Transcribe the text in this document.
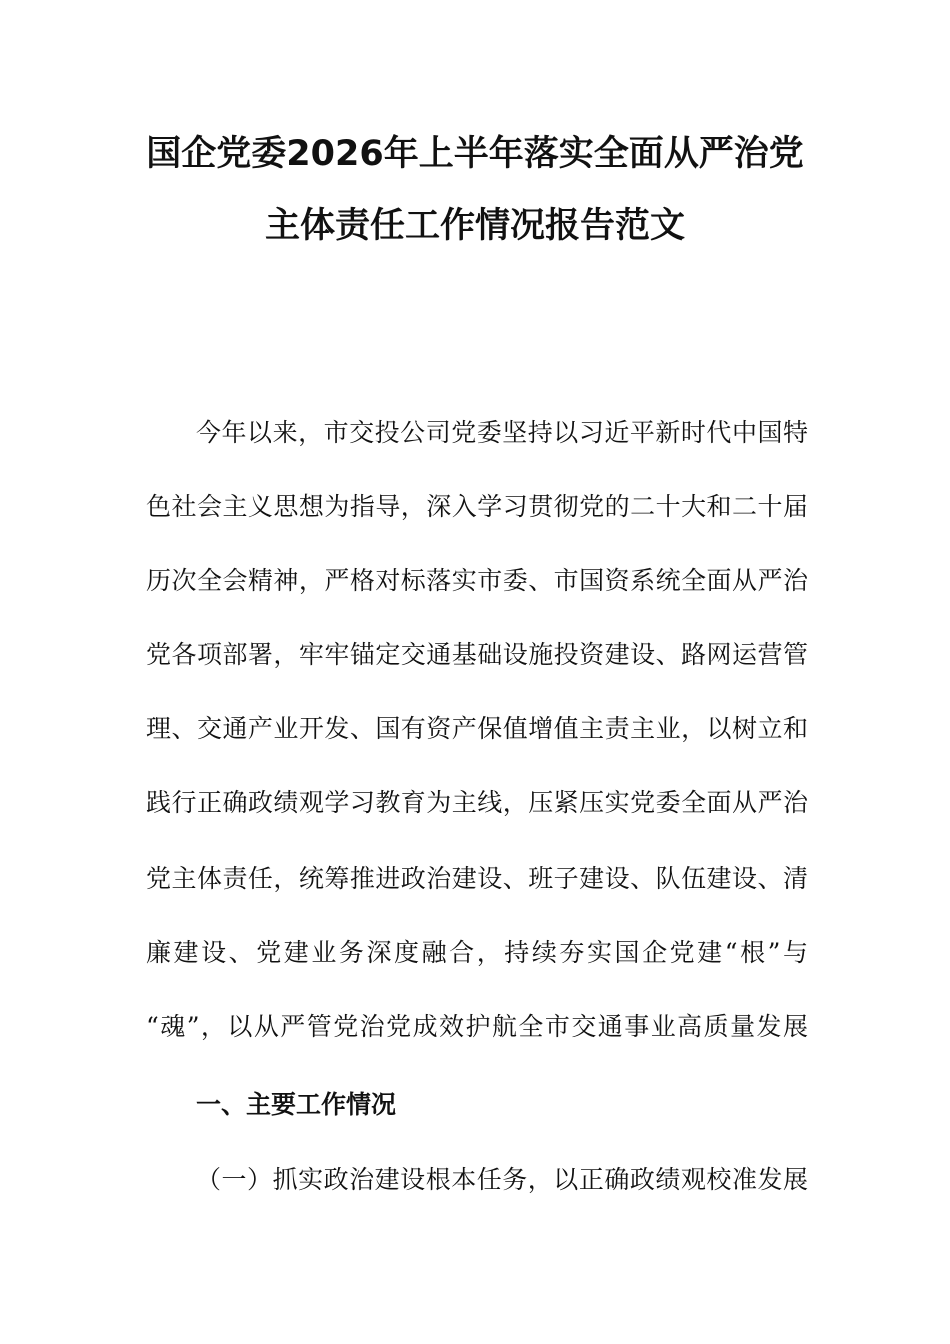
国企党委2026年上半年落实全面从严治党
主体责任工作情况报告范文
今年以来，市交投公司党委坚持以习近平新时代中国特
色社会主义思想为指导，深入学习贯彻党的二十大和二十届
历次全会精神，严格对标落实市委、市国资系统全面从严治
党各项部署，牢牢锚定交通基础设施投资建设、路网运营管
理、交通产业开发、国有资产保值增值主责主业，以树立和
践行正确政绩观学习教育为主线，压紧压实党委全面从严治
党主体责任，统筹推进政治建设、班子建设、队伍建设、清
廉建设、党建业务深度融合，持续夯实国企党建“根”与
“魂”，以从严管党治党成效护航全市交通事业高质量发展
一、主要工作情况
（一）抓实政治建设根本任务，以正确政绩观校准发展
